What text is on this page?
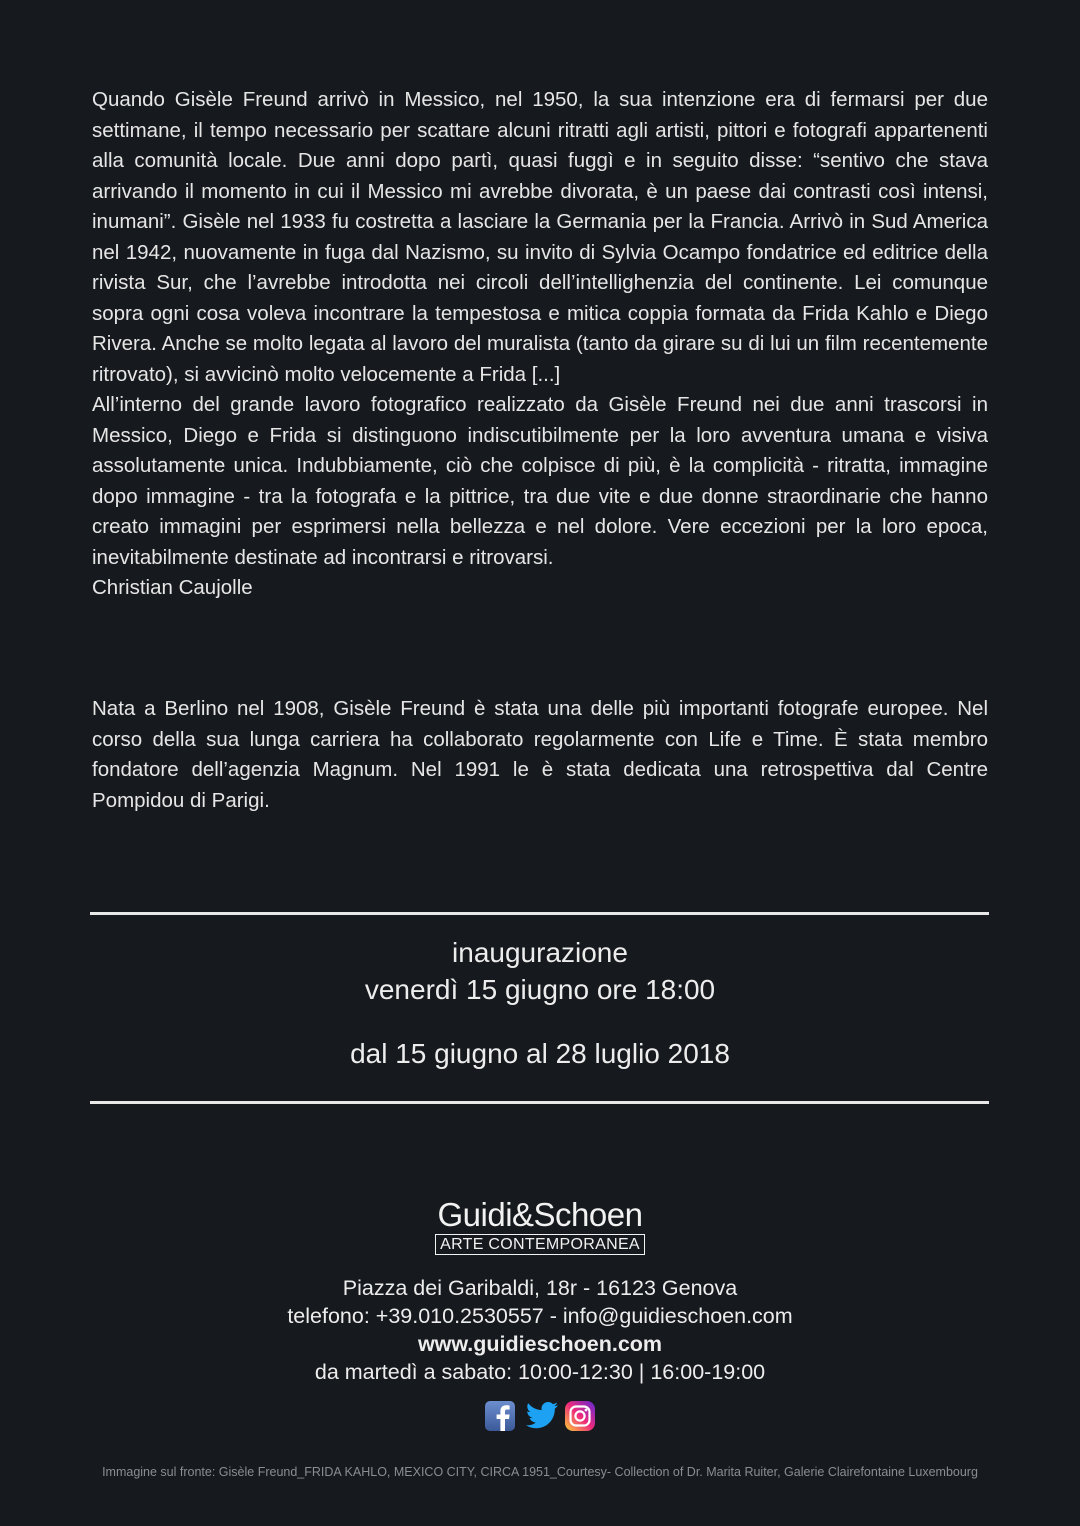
Quando Gisèle Freund arrivò in Messico, nel 1950, la sua intenzione era di fermarsi per due settimane, il tempo necessario per scattare alcuni ritratti agli artisti, pittori e fotografi appartenenti alla comunità locale. Due anni dopo partì, quasi fuggì e in seguito disse: “sentivo che stava arrivando il momento in cui il Messico mi avrebbe divorata, è un paese dai contrasti così intensi, inumani”. Gisèle nel 1933 fu costretta a lasciare la Germania per la Francia. Arrivò in Sud America nel 1942, nuovamente in fuga dal Nazismo, su invito di Sylvia Ocampo fondatrice ed editrice della rivista Sur, che l’avrebbe introdotta nei circoli dell’intellighenzia del continente. Lei comunque sopra ogni cosa voleva incontrare la tempestosa e mitica coppia formata da Frida Kahlo e Diego Rivera. Anche se molto legata al lavoro del muralista (tanto da girare su di lui un film recentemente ritrovato), si avvicinò molto velocemente a Frida [...]

All’interno del grande lavoro fotografico realizzato da Gisèle Freund nei due anni trascorsi in Messico, Diego e Frida si distinguono indiscutibilmente per la loro avventura umana e visiva assolutamente unica. Indubbiamente, ciò che colpisce di più, è la complicità - ritratta, immagine dopo immagine - tra la fotografa e la pittrice, tra due vite e due donne straordinarie che hanno creato immagini per esprimersi nella bellezza e nel dolore. Vere eccezioni per la loro epoca, inevitabilmente destinate ad incontrarsi e ritrovarsi.

Christian Caujolle

Nata a Berlino nel 1908, Gisèle Freund è stata una delle più importanti fotografe europee. Nel corso della sua lunga carriera ha collaborato regolarmente con Life e Time. È stata membro fondatore dell’agenzia Magnum. Nel 1991 le è stata dedicata una retrospettiva dal Centre Pompidou di Parigi.

inaugurazione
venerdì 15 giugno ore 18:00
dal 15 giugno al 28 luglio 2018
Guidi&Schoen
ARTE CONTEMPORANEA
Piazza dei Garibaldi, 18r - 16123 Genova
telefono: +39.010.2530557 - info@guidieschoen.com
www.guidieschoen.com
da martedì a sabato: 10:00-12:30 | 16:00-19:00

Immagine sul fronte: Gisèle Freund_FRIDA KAHLO, MEXICO CITY, CIRCA 1951_Courtesy- Collection of Dr. Marita Ruiter, Galerie Clairefontaine Luxembourg
